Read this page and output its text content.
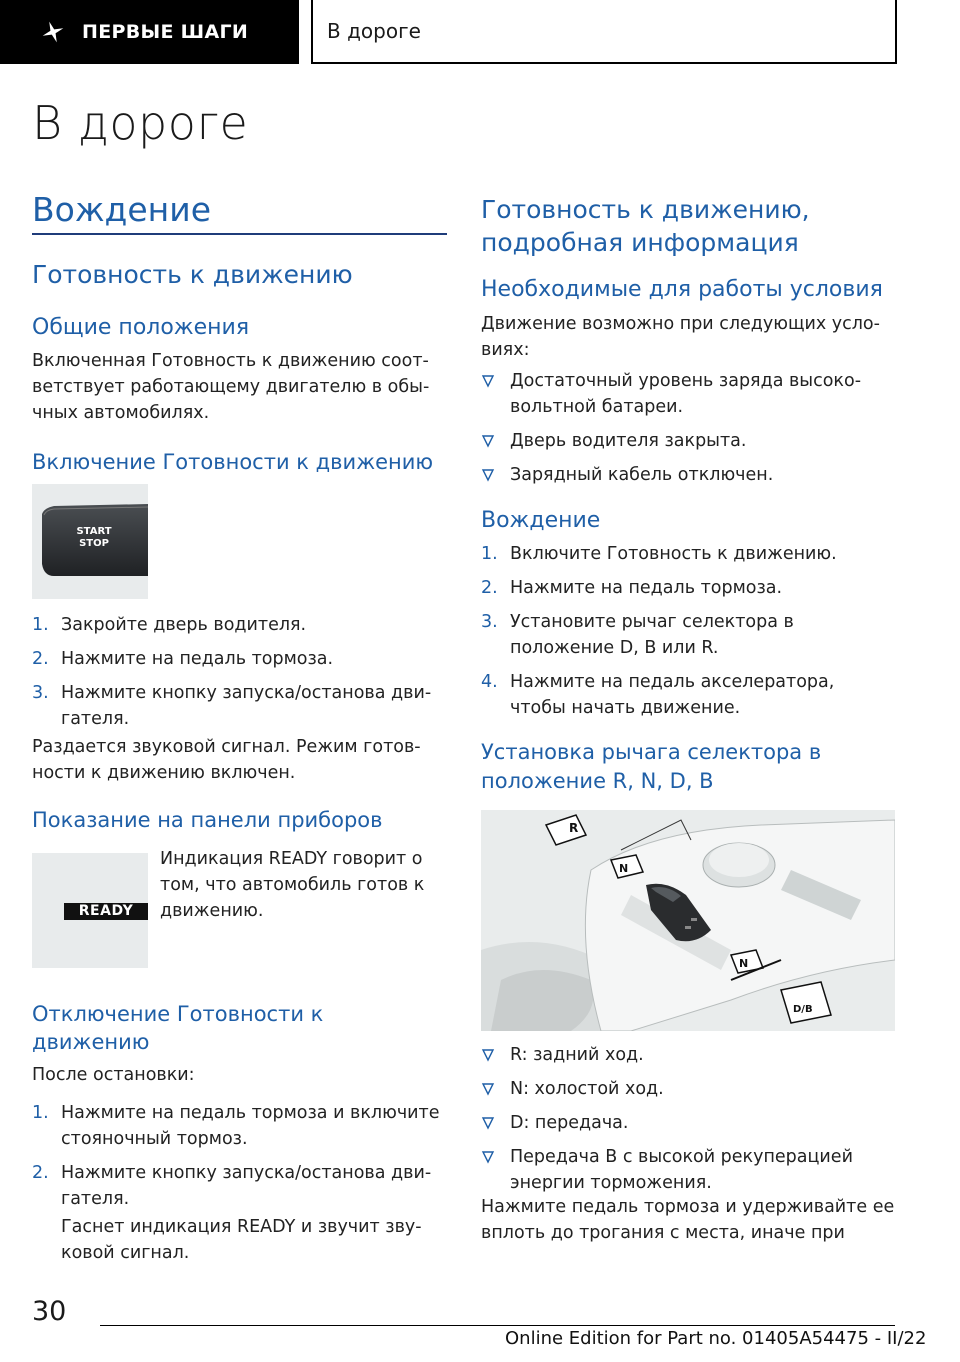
ПЕРВЫЕ ШАГИ	В дороге
В дороге
Вождение
Готовность к движению
Общие положения
Включенная Готовность к движению соот-
ветствует работающему двигателю в обы-
чных автомобилях.
Включение Готовности к движению
START
STOP
1. Закройте дверь водителя.
2. Нажмите на педаль тормоза.
3. Нажмите кнопку запуска/останова дви-
гателя.
Раздается звуковой сигнал. Режим готов-
ности к движению включен.
Показание на панели приборов
READY
Индикация READY говорит о
том, что автомобиль готов к
движению.
Отключение Готовности к
движению
После остановки:
1. Нажмите на педаль тормоза и включите
стояночный тормоз.
2. Нажмите кнопку запуска/останова дви-
гателя.
Гаснет индикация READY и звучит зву-
ковой сигнал.
Готовность к движению,
подробная информация
Необходимые для работы условия
Движение возможно при следующих усло-
виях:
Достаточный уровень заряда высоко-
вольтной батареи.
Дверь водителя закрыта.
Зарядный кабель отключен.
Вождение
1. Включите Готовность к движению.
2. Нажмите на педаль тормоза.
3. Установите рычаг селектора в
положение D, B или R.
4. Нажмите на педаль акселератора,
чтобы начать движение.
Установка рычага селектора в
положение R, N, D, B
R
N
N
D/B
R: задний ход.
N: холостой ход.
D: передача.
Передача B с высокой рекуперацией
энергии торможения.
Нажмите педаль тормоза и удерживайте ее
вплоть до трогания с места, иначе при
30
Online Edition for Part no. 01405A54475 - II/22
